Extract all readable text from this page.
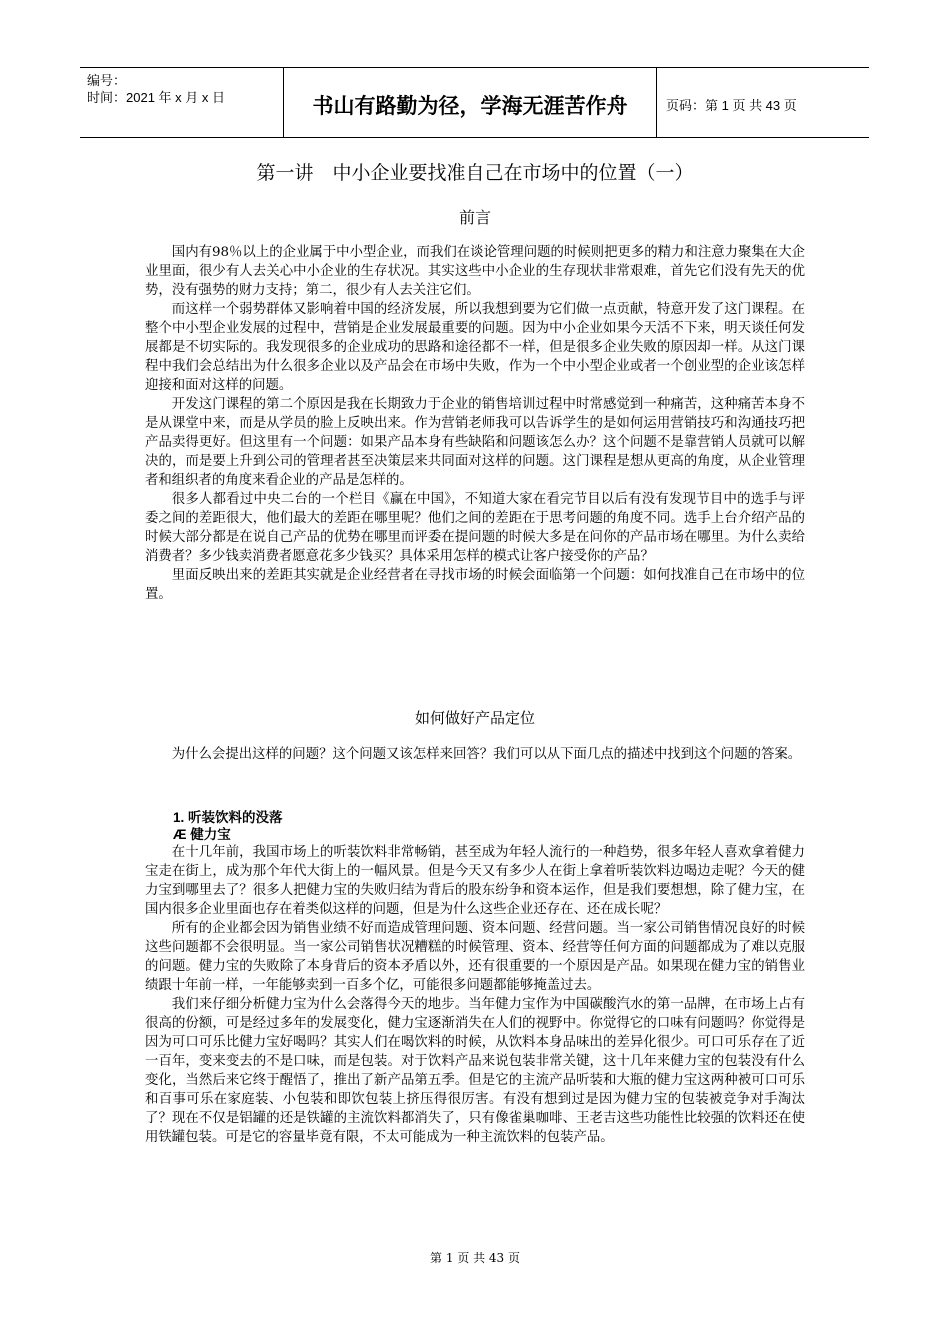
编号：
时间：2021 年 x 月 x 日	书山有路勤为径，学海无涯苦作舟	页码：第 1 页 共 43 页
第一讲　中小企业要找准自己在市场中的位置（一）
前言

国内有98％以上的企业属于中小型企业，而我们在谈论管理问题的时候则把更多的精力和注意力聚集在大企业里面，很少有人去关心中小企业的生存状况。其实这些中小企业的生存现状非常艰难，首先它们没有先天的优势，没有强势的财力支持；第二，很少有人去关注它们。

而这样一个弱势群体又影响着中国的经济发展，所以我想到要为它们做一点贡献，特意开发了这门课程。在整个中小型企业发展的过程中，营销是企业发展最重要的问题。因为中小企业如果今天活不下来，明天谈任何发展都是不切实际的。我发现很多的企业成功的思路和途径都不一样，但是很多企业失败的原因却一样。从这门课程中我们会总结出为什么很多企业以及产品会在市场中失败，作为一个中小型企业或者一个创业型的企业该怎样迎接和面对这样的问题。

开发这门课程的第二个原因是我在长期致力于企业的销售培训过程中时常感觉到一种痛苦，这种痛苦本身不是从课堂中来，而是从学员的脸上反映出来。作为营销老师我可以告诉学生的是如何运用营销技巧和沟通技巧把产品卖得更好。但这里有一个问题：如果产品本身有些缺陷和问题该怎么办？这个问题不是靠营销人员就可以解决的，而是要上升到公司的管理者甚至决策层来共同面对这样的问题。这门课程是想从更高的角度，从企业管理者和组织者的角度来看企业的产品是怎样的。

很多人都看过中央二台的一个栏目《赢在中国》，不知道大家在看完节目以后有没有发现节目中的选手与评委之间的差距很大，他们最大的差距在哪里呢？他们之间的差距在于思考问题的角度不同。选手上台介绍产品的时候大部分都是在说自己产品的优势在哪里而评委在提问题的时候大多是在问你的产品市场在哪里。为什么卖给消费者？多少钱卖消费者愿意花多少钱买？具体采用怎样的模式让客户接受你的产品？

里面反映出来的差距其实就是企业经营者在寻找市场的时候会面临第一个问题：如何找准自己在市场中的位置。

如何做好产品定位

为什么会提出这样的问题？这个问题又该怎样来回答？我们可以从下面几点的描述中找到这个问题的答案。

1. 听装饮料的没落
Æ 健力宝

在十几年前，我国市场上的听装饮料非常畅销，甚至成为年轻人流行的一种趋势，很多年轻人喜欢拿着健力宝走在街上，成为那个年代大街上的一幅风景。但是今天又有多少人在街上拿着听装饮料边喝边走呢？今天的健力宝到哪里去了？很多人把健力宝的失败归结为背后的股东纷争和资本运作，但是我们要想想，除了健力宝，在国内很多企业里面也存在着类似这样的问题，但是为什么这些企业还存在、还在成长呢？

所有的企业都会因为销售业绩不好而造成管理问题、资本问题、经营问题。当一家公司销售情况良好的时候这些问题都不会很明显。当一家公司销售状况糟糕的时候管理、资本、经营等任何方面的问题都成为了难以克服的问题。健力宝的失败除了本身背后的资本矛盾以外，还有很重要的一个原因是产品。如果现在健力宝的销售业绩跟十年前一样，一年能够卖到一百多个亿，可能很多问题都能够掩盖过去。

我们来仔细分析健力宝为什么会落得今天的地步。当年健力宝作为中国碳酸汽水的第一品牌，在市场上占有很高的份额，可是经过多年的发展变化，健力宝逐渐消失在人们的视野中。你觉得它的口味有问题吗？你觉得是因为可口可乐比健力宝好喝吗？其实人们在喝饮料的时候，从饮料本身品味出的差异化很少。可口可乐存在了近一百年，变来变去的不是口味，而是包装。对于饮料产品来说包装非常关键，这十几年来健力宝的包装没有什么变化，当然后来它终于醒悟了，推出了新产品第五季。但是它的主流产品听装和大瓶的健力宝这两种被可口可乐和百事可乐在家庭装、小包装和即饮包装上挤压得很厉害。有没有想到过是因为健力宝的包装被竞争对手淘汰了？现在不仅是铝罐的还是铁罐的主流饮料都消失了，只有像雀巢咖啡、王老吉这些功能性比较强的饮料还在使用铁罐包装。可是它的容量毕竟有限，不太可能成为一种主流饮料的包装产品。

第 1 页 共 43 页
